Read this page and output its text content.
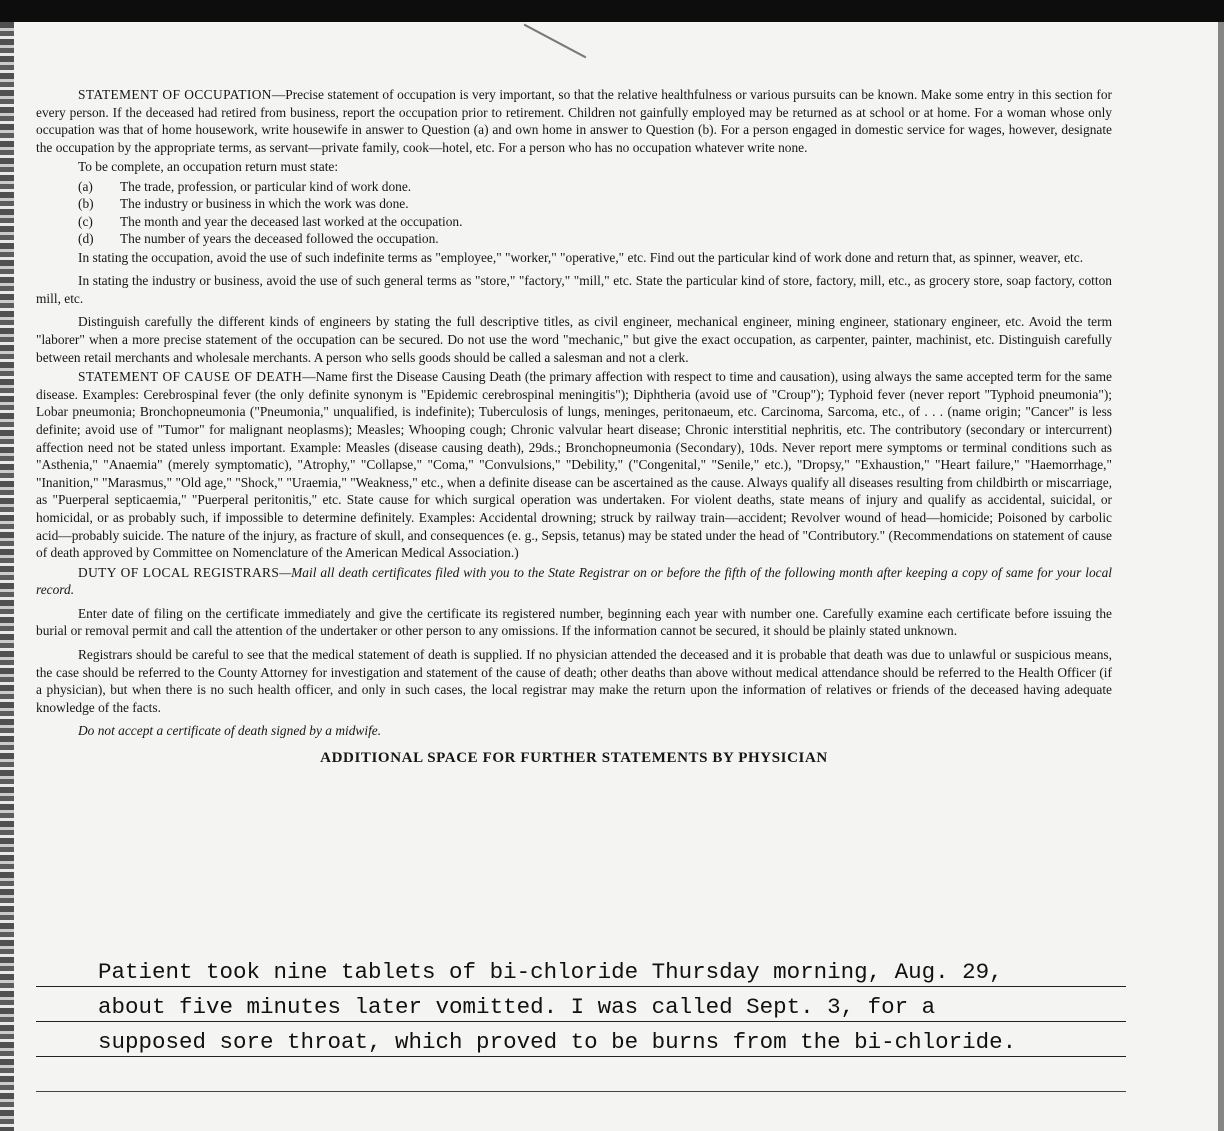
STATEMENT OF OCCUPATION—Precise statement of occupation is very important, so that the relative healthfulness or various pursuits can be known. Make some entry in this section for every person. If the deceased had retired from business, report the occupation prior to retirement. Children not gainfully employed may be returned as at school or at home. For a woman whose only occupation was that of home housework, write housewife in answer to Question (a) and own home in answer to Question (b). For a person engaged in domestic service for wages, however, designate the occupation by the appropriate terms, as servant—private family, cook—hotel, etc. For a person who has no occupation whatever write none.

To be complete, an occupation return must state:

(a) The trade, profession, or particular kind of work done.
(b) The industry or business in which the work was done.
(c) The month and year the deceased last worked at the occupation.
(d) The number of years the deceased followed the occupation.

In stating the occupation, avoid the use of such indefinite terms as "employee," "worker," "operative," etc. Find out the particular kind of work done and return that, as spinner, weaver, etc.

In stating the industry or business, avoid the use of such general terms as "store," "factory," "mill," etc. State the particular kind of store, factory, mill, etc., as grocery store, soap factory, cotton mill, etc.

Distinguish carefully the different kinds of engineers by stating the full descriptive titles, as civil engineer, mechanical engineer, mining engineer, stationary engineer, etc. Avoid the term "laborer" when a more precise statement of the occupation can be secured. Do not use the word "mechanic," but give the exact occupation, as carpenter, painter, machinist, etc. Distinguish carefully between retail merchants and wholesale merchants. A person who sells goods should be called a salesman and not a clerk.

STATEMENT OF CAUSE OF DEATH—Name first the Disease Causing Death (the primary affection with respect to time and causation), using always the same accepted term for the same disease. Examples: Cerebrospinal fever (the only definite synonym is "Epidemic cerebrospinal meningitis"); Diphtheria (avoid use of "Croup"); Typhoid fever (never report "Typhoid pneumonia"); Lobar pneumonia; Bronchopneumonia ("Pneumonia," unqualified, is indefinite); Tuberculosis of lungs, meninges, peritonaeum, etc. Carcinoma, Sarcoma, etc., of . . . (name origin; "Cancer" is less definite; avoid use of "Tumor" for malignant neoplasms); Measles; Whooping cough; Chronic valvular heart disease; Chronic interstitial nephritis, etc. The contributory (secondary or intercurrent) affection need not be stated unless important. Example: Measles (disease causing death), 29ds.; Bronchopneumonia (Secondary), 10ds. Never report mere symptoms or terminal conditions such as "Asthenia," "Anaemia" (merely symptomatic), "Atrophy," "Collapse," "Coma," "Convulsions," "Debility," ("Congenital," "Senile," etc.), "Dropsy," "Exhaustion," "Heart failure," "Haemorrhage," "Inanition," "Marasmus," "Old age," "Shock," "Uraemia," "Weakness," etc., when a definite disease can be ascertained as the cause. Always qualify all diseases resulting from childbirth or miscarriage, as "Puerperal septicaemia," "Puerperal peritonitis," etc. State cause for which surgical operation was undertaken. For violent deaths, state means of injury and qualify as accidental, suicidal, or homicidal, or as probably such, if impossible to determine definitely. Examples: Accidental drowning; struck by railway train—accident; Revolver wound of head—homicide; Poisoned by carbolic acid—probably suicide. The nature of the injury, as fracture of skull, and consequences (e. g., Sepsis, tetanus) may be stated under the head of "Contributory." (Recommendations on statement of cause of death approved by Committee on Nomenclature of the American Medical Association.)

DUTY OF LOCAL REGISTRARS—Mail all death certificates filed with you to the State Registrar on or before the fifth of the following month after keeping a copy of same for your local record.

Enter date of filing on the certificate immediately and give the certificate its registered number, beginning each year with number one. Carefully examine each certificate before issuing the burial or removal permit and call the attention of the undertaker or other person to any omissions. If the information cannot be secured, it should be plainly stated unknown.

Registrars should be careful to see that the medical statement of death is supplied. If no physician attended the deceased and it is probable that death was due to unlawful or suspicious means, the case should be referred to the County Attorney for investigation and statement of the cause of death; other deaths than above without medical attendance should be referred to the Health Officer (if a physician), but when there is no such health officer, and only in such cases, the local registrar may make the return upon the information of relatives or friends of the deceased having adequate knowledge of the facts.

Do not accept a certificate of death signed by a midwife.

ADDITIONAL SPACE FOR FURTHER STATEMENTS BY PHYSICIAN
Patient took nine tablets of bi-chloride Thursday morning, Aug. 29,
about five minutes later vomitted. I was called Sept. 3, for a
supposed sore throat, which proved to be burns from the bi-chloride.
